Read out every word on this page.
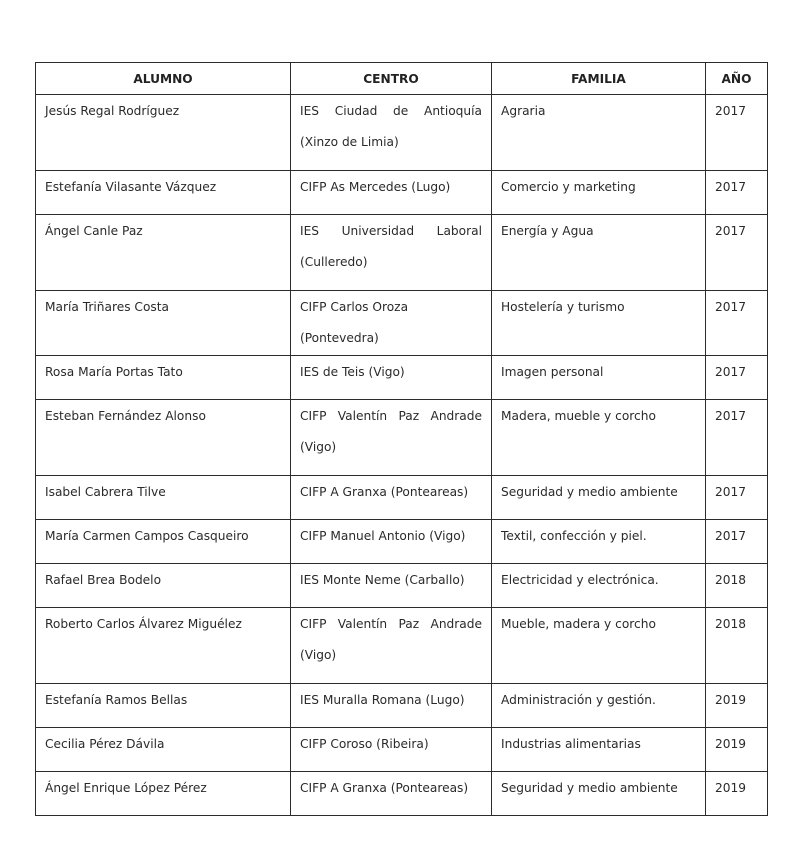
ALUMNO	CENTRO	FAMILIA	AÑO
Jesús Regal Rodríguez	IES Ciudad de Antioquía (Xinzo de Limia)	Agraria	2017
Estefanía Vilasante Vázquez	CIFP As Mercedes (Lugo)	Comercio y marketing	2017
Ángel Canle Paz	IES Universidad Laboral (Culleredo)	Energía y Agua	2017
María Triñares Costa	CIFP Carlos Oroza (Pontevedra)	Hostelería y turismo	2017
Rosa María Portas Tato	IES de Teis (Vigo)	Imagen personal	2017
Esteban Fernández Alonso	CIFP Valentín Paz Andrade (Vigo)	Madera, mueble y corcho	2017
Isabel Cabrera Tilve	CIFP A Granxa (Ponteareas)	Seguridad y medio ambiente	2017
María Carmen Campos Casqueiro	CIFP Manuel Antonio (Vigo)	Textil, confección y piel.	2017
Rafael Brea Bodelo	IES Monte Neme (Carballo)	Electricidad y electrónica.	2018
Roberto Carlos Álvarez Miguélez	CIFP Valentín Paz Andrade (Vigo)	Mueble, madera y corcho	2018
Estefanía Ramos Bellas	IES Muralla Romana (Lugo)	Administración y gestión.	2019
Cecilia Pérez Dávila	CIFP Coroso (Ribeira)	Industrias alimentarias	2019
Ángel Enrique López Pérez	CIFP A Granxa (Ponteareas)	Seguridad y medio ambiente	2019
